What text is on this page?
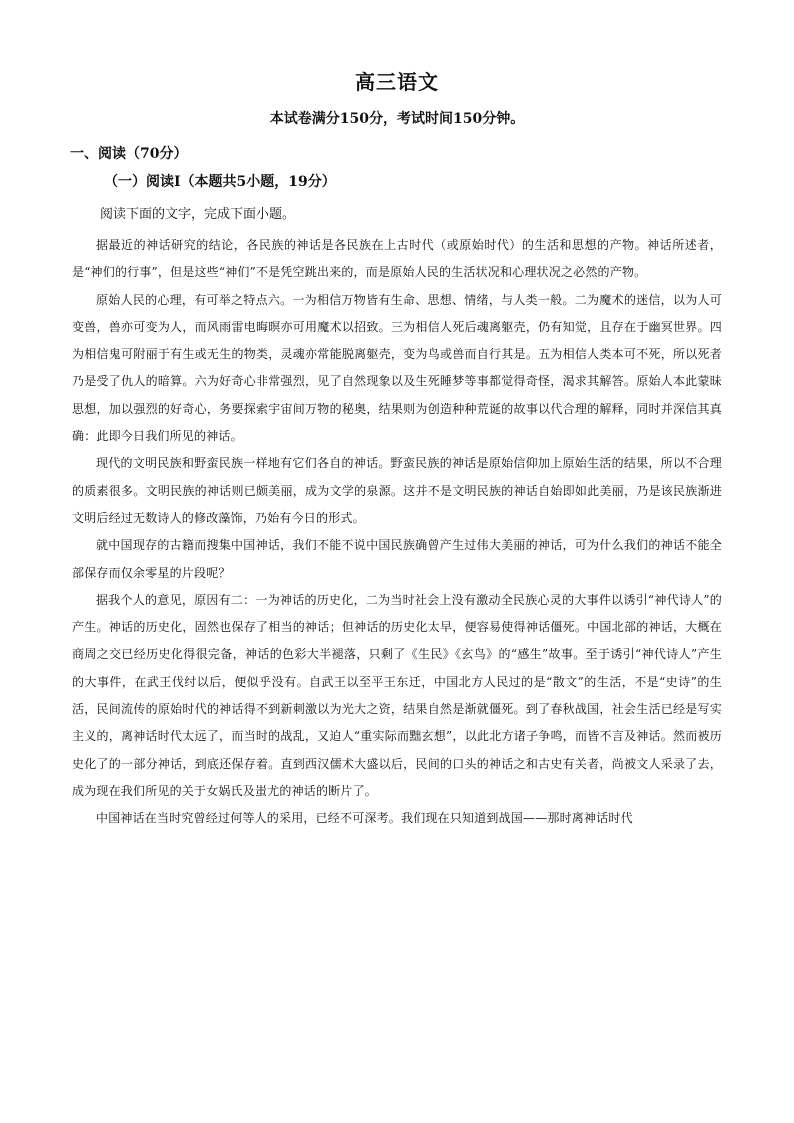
高三语文
本试卷满分150分，考试时间150分钟。
一、阅读（70分）
（一）阅读Ⅰ（本题共5小题，19分）
阅读下面的文字，完成下面小题。

据最近的神话研究的结论，各民族的神话是各民族在上古时代（或原始时代）的生活和思想的产物。神话所述者，是“神们的行事”，但是这些“神们”不是凭空跳出来的，而是原始人民的生活状况和心理状况之必然的产物。

原始人民的心理，有可举之特点六。一为相信万物皆有生命、思想、情绪，与人类一般。二为魔术的迷信，以为人可变兽，兽亦可变为人，而风雨雷电晦暝亦可用魔术以招致。三为相信人死后魂离躯壳，仍有知觉，且存在于幽冥世界。四为相信鬼可附丽于有生或无生的物类，灵魂亦常能脱离躯壳，变为鸟或兽而自行其是。五为相信人类本可不死，所以死者乃是受了仇人的暗算。六为好奇心非常强烈，见了自然现象以及生死睡梦等事都觉得奇怪，渴求其解答。原始人本此蒙昧思想，加以强烈的好奇心，务要探索宇宙间万物的秘奥，结果则为创造种种荒诞的故事以代合理的解释，同时并深信其真确：此即今日我们所见的神话。

现代的文明民族和野蛮民族一样地有它们各自的神话。野蛮民族的神话是原始信仰加上原始生活的结果，所以不合理的质素很多。文明民族的神话则已颇美丽，成为文学的泉源。这并不是文明民族的神话自始即如此美丽，乃是该民族渐进文明后经过无数诗人的修改藻饰，乃始有今日的形式。

就中国现存的古籍而搜集中国神话，我们不能不说中国民族确曾产生过伟大美丽的神话，可为什么我们的神话不能全部保存而仅余零星的片段呢？

据我个人的意见，原因有二：一为神话的历史化，二为当时社会上没有激动全民族心灵的大事件以诱引“神代诗人”的产生。神话的历史化，固然也保存了相当的神话；但神话的历史化太早，便容易使得神话僵死。中国北部的神话，大概在商周之交已经历史化得很完备，神话的色彩大半褪落，只剩了《生民》《玄鸟》的“感生”故事。至于诱引“神代诗人”产生的大事件，在武王伐纣以后，便似乎没有。自武王以至平王东迁，中国北方人民过的是“散文”的生活，不是“史诗”的生活，民间流传的原始时代的神话得不到新刺激以为光大之资，结果自然是渐就僵死。到了春秋战国，社会生活已经是写实主义的，离神话时代太远了，而当时的战乱，又迫人“重实际而黜玄想”，以此北方诸子争鸣，而皆不言及神话。然而被历史化了的一部分神话，到底还保存着。直到西汉儒术大盛以后，民间的口头的神话之和古史有关者，尚被文人采录了去，成为现在我们所见的关于女娲氏及蚩尤的神话的断片了。

中国神话在当时究曾经过何等人的采用，已经不可深考。我们现在只知道到战国——那时离神话时代
